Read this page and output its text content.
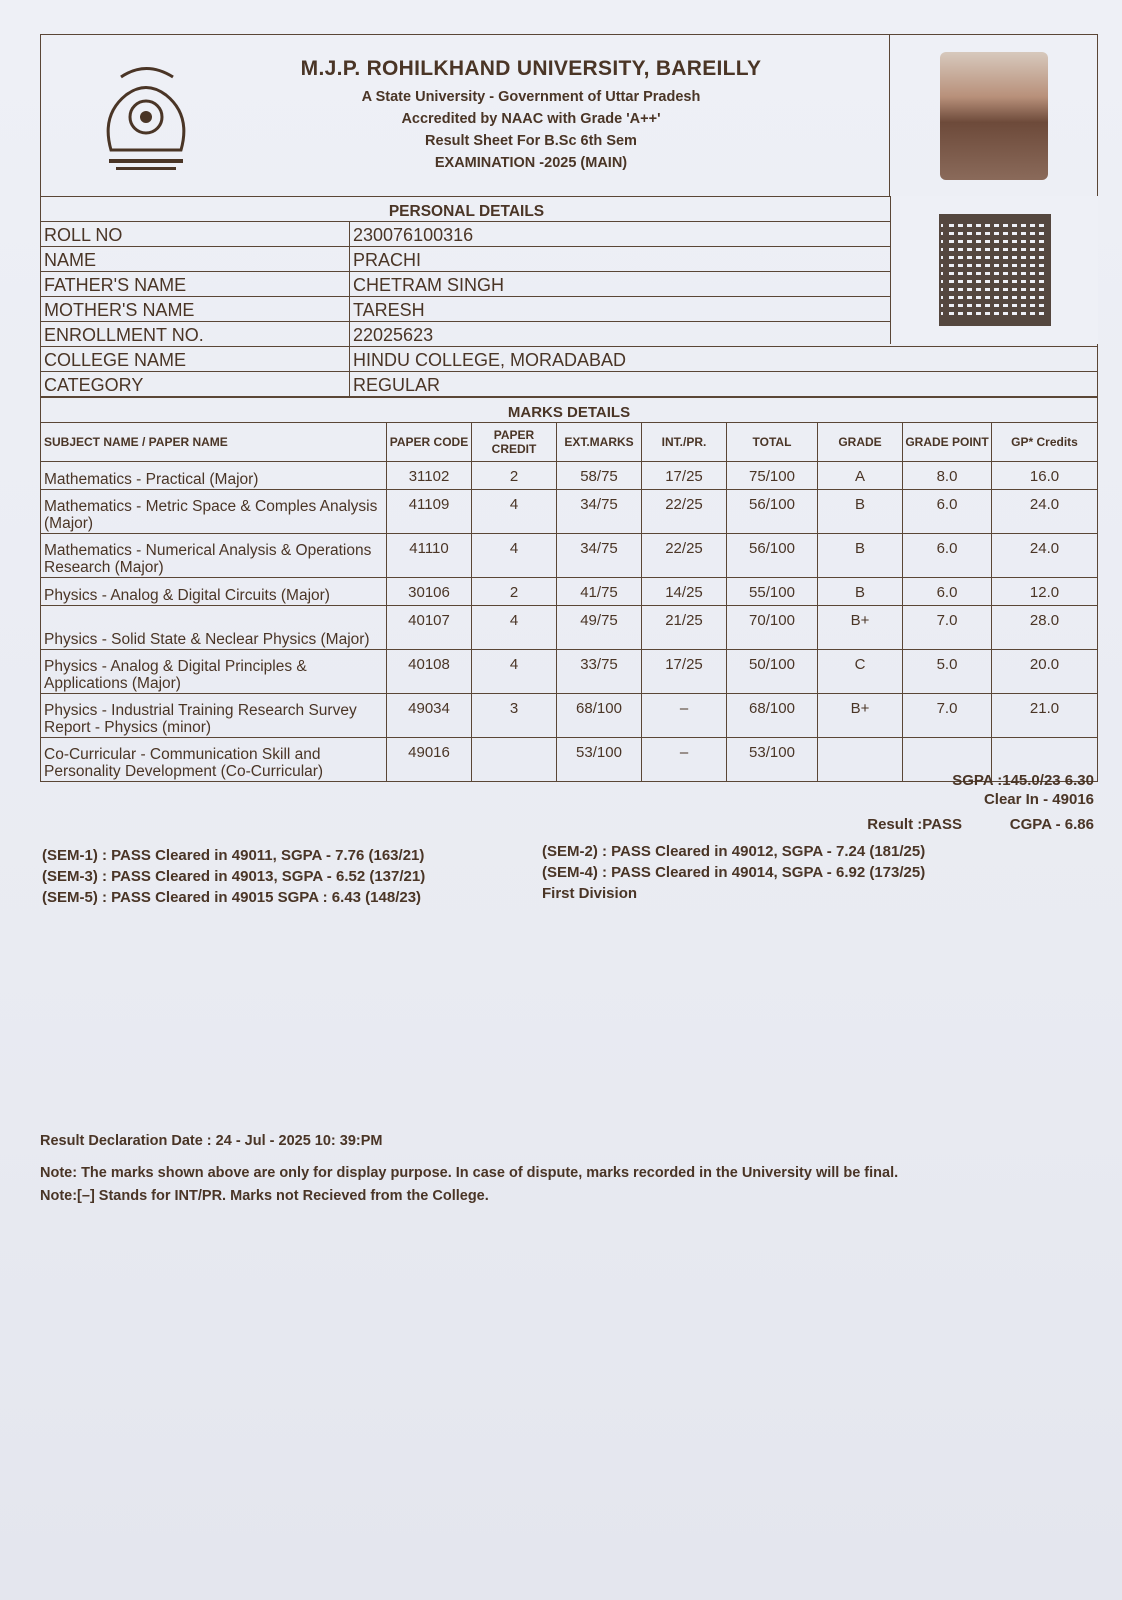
M.J.P. ROHILKHAND UNIVERSITY, BAREILLY
A State University - Government of Uttar Pradesh
Accredited by NAAC with Grade 'A++'
Result Sheet For B.Sc 6th Sem
EXAMINATION -2025 (MAIN)
PERSONAL DETAILS	
ROLL NO	230076100316
NAME	PRACHI
FATHER'S NAME	CHETRAM SINGH
MOTHER'S NAME	TARESH
ENROLLMENT NO.	22025623
COLLEGE NAME	HINDU COLLEGE, MORADABAD
CATEGORY	REGULAR
MARKS DETAILS								
SUBJECT NAME / PAPER NAME	PAPER CODE	PAPER CREDIT	EXT.MARKS	INT./PR.	TOTAL	GRADE	GRADE POINT	GP* Credits
Mathematics - Practical (Major)	31102	2	58/75	17/25	75/100	A	8.0	16.0
Mathematics - Metric Space & Comples Analysis (Major)	41109	4	34/75	22/25	56/100	B	6.0	24.0
Mathematics - Numerical Analysis & Operations Research (Major)	41110	4	34/75	22/25	56/100	B	6.0	24.0
Physics - Analog & Digital Circuits (Major)	30106	2	41/75	14/25	55/100	B	6.0	12.0
Physics - Solid State & Neclear Physics (Major)	40107	4	49/75	21/25	70/100	B+	7.0	28.0
Physics - Analog & Digital Principles & Applications (Major)	40108	4	33/75	17/25	50/100	C	5.0	20.0
Physics - Industrial Training Research Survey Report - Physics (minor)	49034	3	68/100	–	68/100	B+	7.0	21.0
Co-Curricular - Communication Skill and Personality Development (Co-Curricular)	49016		53/100	–	53/100			
SGPA :145.0/23 6.30
Clear In - 49016
Result :PASS	CGPA - 6.86
(SEM-1) : PASS Cleared in 49011, SGPA - 7.76 (163/21)
(SEM-3) : PASS Cleared in 49013, SGPA - 6.52 (137/21)
(SEM-5) : PASS Cleared in 49015 SGPA : 6.43 (148/23)
(SEM-2) : PASS Cleared in 49012, SGPA - 7.24 (181/25)
(SEM-4) : PASS Cleared in 49014, SGPA - 6.92 (173/25)
First Division
Result Declaration Date : 24 - Jul - 2025 10: 39:PM
Note: The marks shown above are only for display purpose. In case of dispute, marks recorded in the University will be final.
Note:[–] Stands for INT/PR. Marks not Recieved from the College.
